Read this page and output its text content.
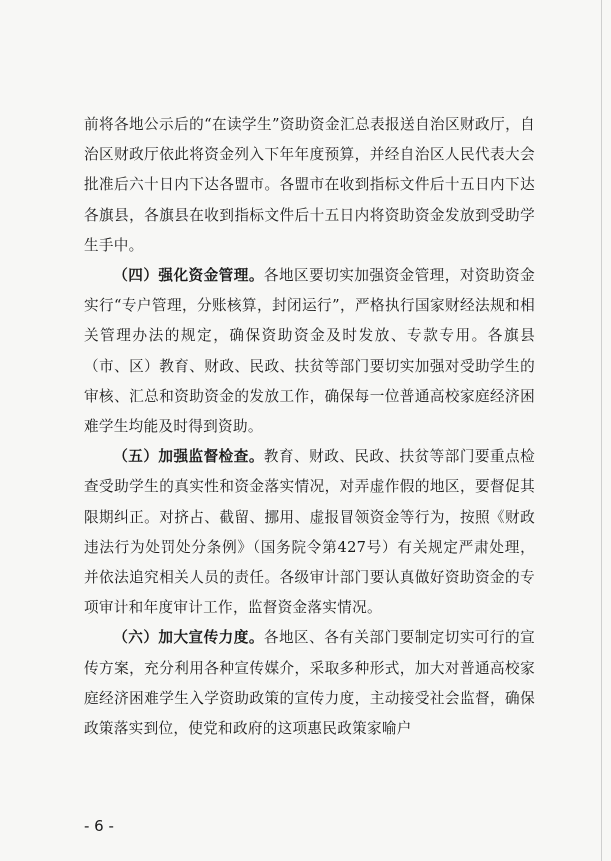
前将各地公示后的“在读学生”资助资金汇总表报送自治区财政厅，自治区财政厅依此将资金列入下年年度预算，并经自治区人民代表大会批准后六十日内下达各盟市。各盟市在收到指标文件后十五日内下达各旗县，各旗县在收到指标文件后十五日内将资助资金发放到受助学生手中。

（四）强化资金管理。各地区要切实加强资金管理，对资助资金实行“专户管理，分账核算，封闭运行”，严格执行国家财经法规和相关管理办法的规定，确保资助资金及时发放、专款专用。各旗县（市、区）教育、财政、民政、扶贫等部门要切实加强对受助学生的审核、汇总和资助资金的发放工作，确保每一位普通高校家庭经济困难学生均能及时得到资助。

（五）加强监督检查。教育、财政、民政、扶贫等部门要重点检查受助学生的真实性和资金落实情况，对弄虚作假的地区，要督促其限期纠正。对挤占、截留、挪用、虚报冒领资金等行为，按照《财政违法行为处罚处分条例》（国务院令第427号）有关规定严肃处理，并依法追究相关人员的责任。各级审计部门要认真做好资助资金的专项审计和年度审计工作，监督资金落实情况。

（六）加大宣传力度。各地区、各有关部门要制定切实可行的宣传方案，充分利用各种宣传媒介，采取多种形式，加大对普通高校家庭经济困难学生入学资助政策的宣传力度，主动接受社会监督，确保政策落实到位，使党和政府的这项惠民政策家喻户

- 6 -
